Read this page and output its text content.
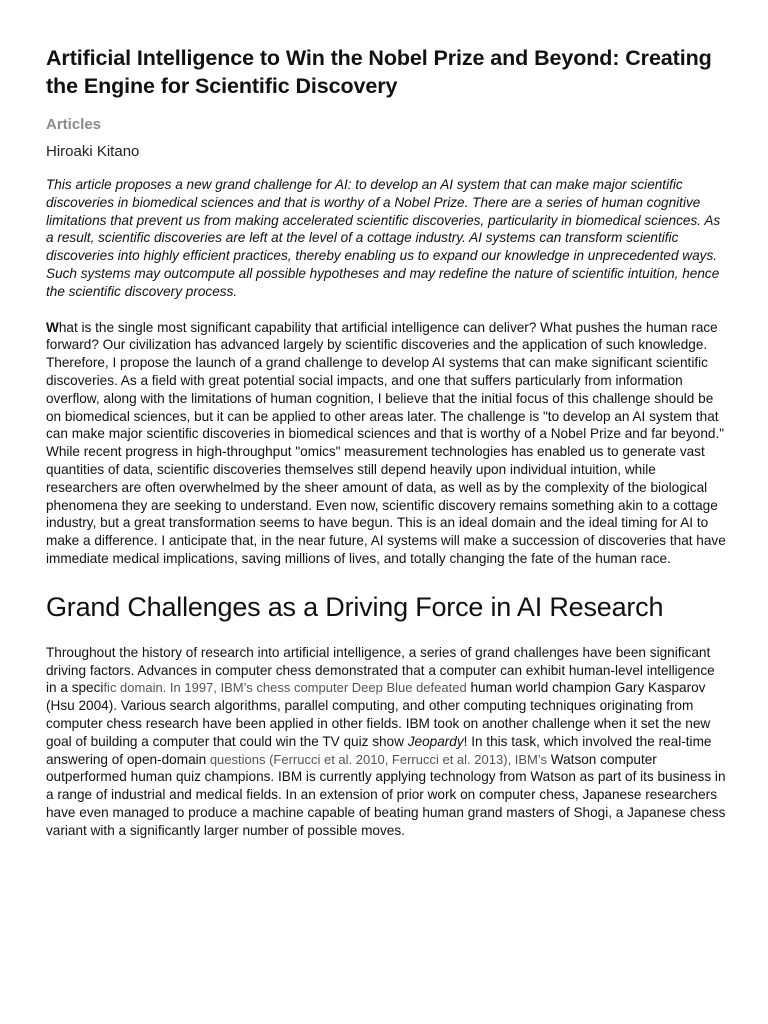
Artificial Intelligence to Win the Nobel Prize and Beyond: Creating the Engine for Scientific Discovery
Articles
Hiroaki Kitano

This article proposes a new grand challenge for AI: to develop an AI system that can make major scientific discoveries in biomedical sciences and that is worthy of a Nobel Prize. There are a series of human cognitive limitations that prevent us from making accelerated scientific discoveries, particularity in biomedical sciences. As a result, scientific discoveries are left at the level of a cottage industry. AI systems can transform scientific discoveries into highly efficient practices, thereby enabling us to expand our knowledge in unprecedented ways. Such systems may outcompute all possible hypotheses and may redefine the nature of scientific intuition, hence the scientific discovery process.

What is the single most significant capability that artificial intelligence can deliver? What pushes the human race forward? Our civilization has advanced largely by scientific discoveries and the application of such knowledge. Therefore, I propose the launch of a grand challenge to develop AI systems that can make significant scientific discoveries. As a field with great potential social impacts, and one that suffers particularly from information overflow, along with the limitations of human cognition, I believe that the initial focus of this challenge should be on biomedical sciences, but it can be applied to other areas later. The challenge is "to develop an AI system that can make major scientific discoveries in biomedical sciences and that is worthy of a Nobel Prize and far beyond." While recent progress in high-throughput "omics" measurement technologies has enabled us to generate vast quantities of data, scientific discoveries themselves still depend heavily upon individual intuition, while researchers are often overwhelmed by the sheer amount of data, as well as by the complexity of the biological phenomena they are seeking to understand. Even now, scientific discovery remains something akin to a cottage industry, but a great transformation seems to have begun. This is an ideal domain and the ideal timing for AI to make a difference. I anticipate that, in the near future, AI systems will make a succession of discoveries that have immediate medical implications, saving millions of lives, and totally changing the fate of the human race.

Grand Challenges as a Driving Force in AI Research

Throughout the history of research into artificial intelligence, a series of grand challenges have been significant driving factors. Advances in computer chess demonstrated that a computer can exhibit human-level intelligence in a specific domain. In 1997, IBM’s chess computer Deep Blue defeated human world champion Gary Kasparov (Hsu 2004). Various search algorithms, parallel computing, and other computing techniques originating from computer chess research have been applied in other fields. IBM took on another challenge when it set the new goal of building a computer that could win the TV quiz show Jeopardy! In this task, which involved the real-time answering of open-domain questions (Ferrucci et al. 2010, Ferrucci et al. 2013), IBM’s Watson computer outperformed human quiz champions. IBM is currently applying technology from Watson as part of its business in a range of industrial and medical fields. In an extension of prior work on computer chess, Japanese researchers have even managed to produce a machine capable of beating human grand masters of Shogi, a Japanese chess variant with a significantly larger number of possible moves.
